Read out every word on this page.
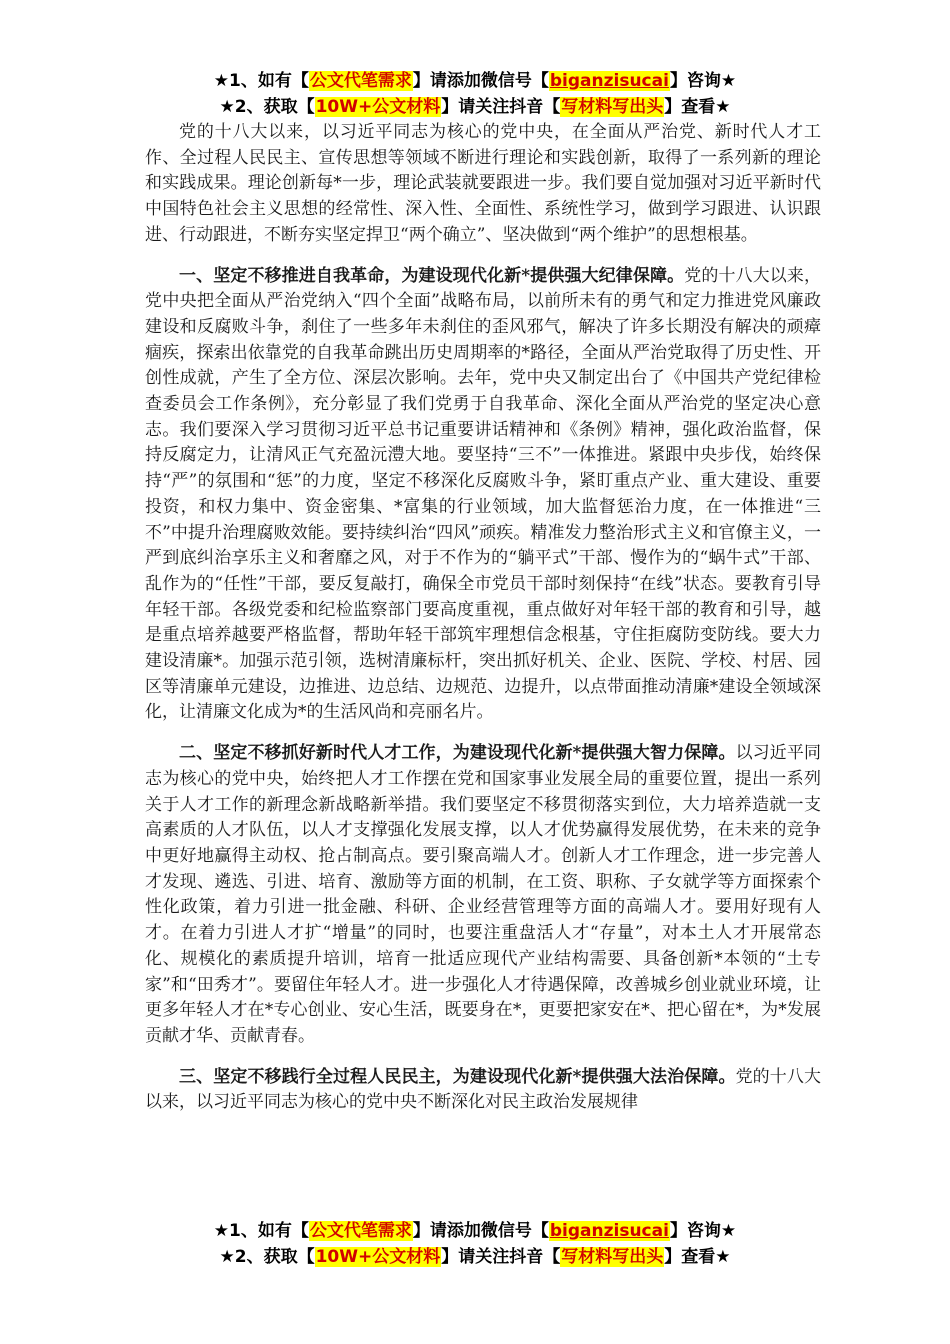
★1、如有【公文代笔需求】请添加微信号【biganzisucai】咨询★
★2、获取【10W+公文材料】请关注抖音【写材料写出头】查看★

党的十八大以来，以习近平同志为核心的党中央，在全面从严治党、新时代人才工作、全过程人民民主、宣传思想等领域不断进行理论和实践创新，取得了一系列新的理论和实践成果。理论创新每*一步，理论武装就要跟进一步。我们要自觉加强对习近平新时代中国特色社会主义思想的经常性、深入性、全面性、系统性学习，做到学习跟进、认识跟进、行动跟进，不断夯实坚定捍卫“两个确立”、坚决做到“两个维护”的思想根基。

一、坚定不移推进自我革命，为建设现代化新*提供强大纪律保障。党的十八大以来，党中央把全面从严治党纳入“四个全面”战略布局，以前所未有的勇气和定力推进党风廉政建设和反腐败斗争，刹住了一些多年未刹住的歪风邪气，解决了许多长期没有解决的顽瘴痼疾，探索出依靠党的自我革命跳出历史周期率的*路径，全面从严治党取得了历史性、开创性成就，产生了全方位、深层次影响。去年，党中央又制定出台了《中国共产党纪律检查委员会工作条例》，充分彰显了我们党勇于自我革命、深化全面从严治党的坚定决心意志。我们要深入学习贯彻习近平总书记重要讲话精神和《条例》精神，强化政治监督，保持反腐定力，让清风正气充盈沅澧大地。要坚持“三不”一体推进。紧跟中央步伐，始终保持“严”的氛围和“惩”的力度，坚定不移深化反腐败斗争，紧盯重点产业、重大建设、重要投资，和权力集中、资金密集、*富集的行业领域，加大监督惩治力度，在一体推进“三不”中提升治理腐败效能。要持续纠治“四风”顽疾。精准发力整治形式主义和官僚主义，一严到底纠治享乐主义和奢靡之风，对于不作为的“躺平式”干部、慢作为的“蜗牛式”干部、乱作为的“任性”干部，要反复敲打，确保全市党员干部时刻保持“在线”状态。要教育引导年轻干部。各级党委和纪检监察部门要高度重视，重点做好对年轻干部的教育和引导，越是重点培养越要严格监督，帮助年轻干部筑牢理想信念根基，守住拒腐防变防线。要大力建设清廉*。加强示范引领，选树清廉标杆，突出抓好机关、企业、医院、学校、村居、园区等清廉单元建设，边推进、边总结、边规范、边提升，以点带面推动清廉*建设全领域深化，让清廉文化成为*的生活风尚和亮丽名片。

二、坚定不移抓好新时代人才工作，为建设现代化新*提供强大智力保障。以习近平同志为核心的党中央，始终把人才工作摆在党和国家事业发展全局的重要位置，提出一系列关于人才工作的新理念新战略新举措。我们要坚定不移贯彻落实到位，大力培养造就一支高素质的人才队伍，以人才支撑强化发展支撑，以人才优势赢得发展优势，在未来的竞争中更好地赢得主动权、抢占制高点。要引聚高端人才。创新人才工作理念，进一步完善人才发现、遴选、引进、培育、激励等方面的机制，在工资、职称、子女就学等方面探索个性化政策，着力引进一批金融、科研、企业经营管理等方面的高端人才。要用好现有人才。在着力引进人才扩“增量”的同时，也要注重盘活人才“存量”，对本土人才开展常态化、规模化的素质提升培训，培育一批适应现代产业结构需要、具备创新*本领的“土专家”和“田秀才”。要留住年轻人才。进一步强化人才待遇保障，改善城乡创业就业环境，让更多年轻人才在*专心创业、安心生活，既要身在*，更要把家安在*、把心留在*，为*发展贡献才华、贡献青春。

三、坚定不移践行全过程人民民主，为建设现代化新*提供强大法治保障。党的十八大以来，以习近平同志为核心的党中央不断深化对民主政治发展规律

★1、如有【公文代笔需求】请添加微信号【biganzisucai】咨询★
★2、获取【10W+公文材料】请关注抖音【写材料写出头】查看★
